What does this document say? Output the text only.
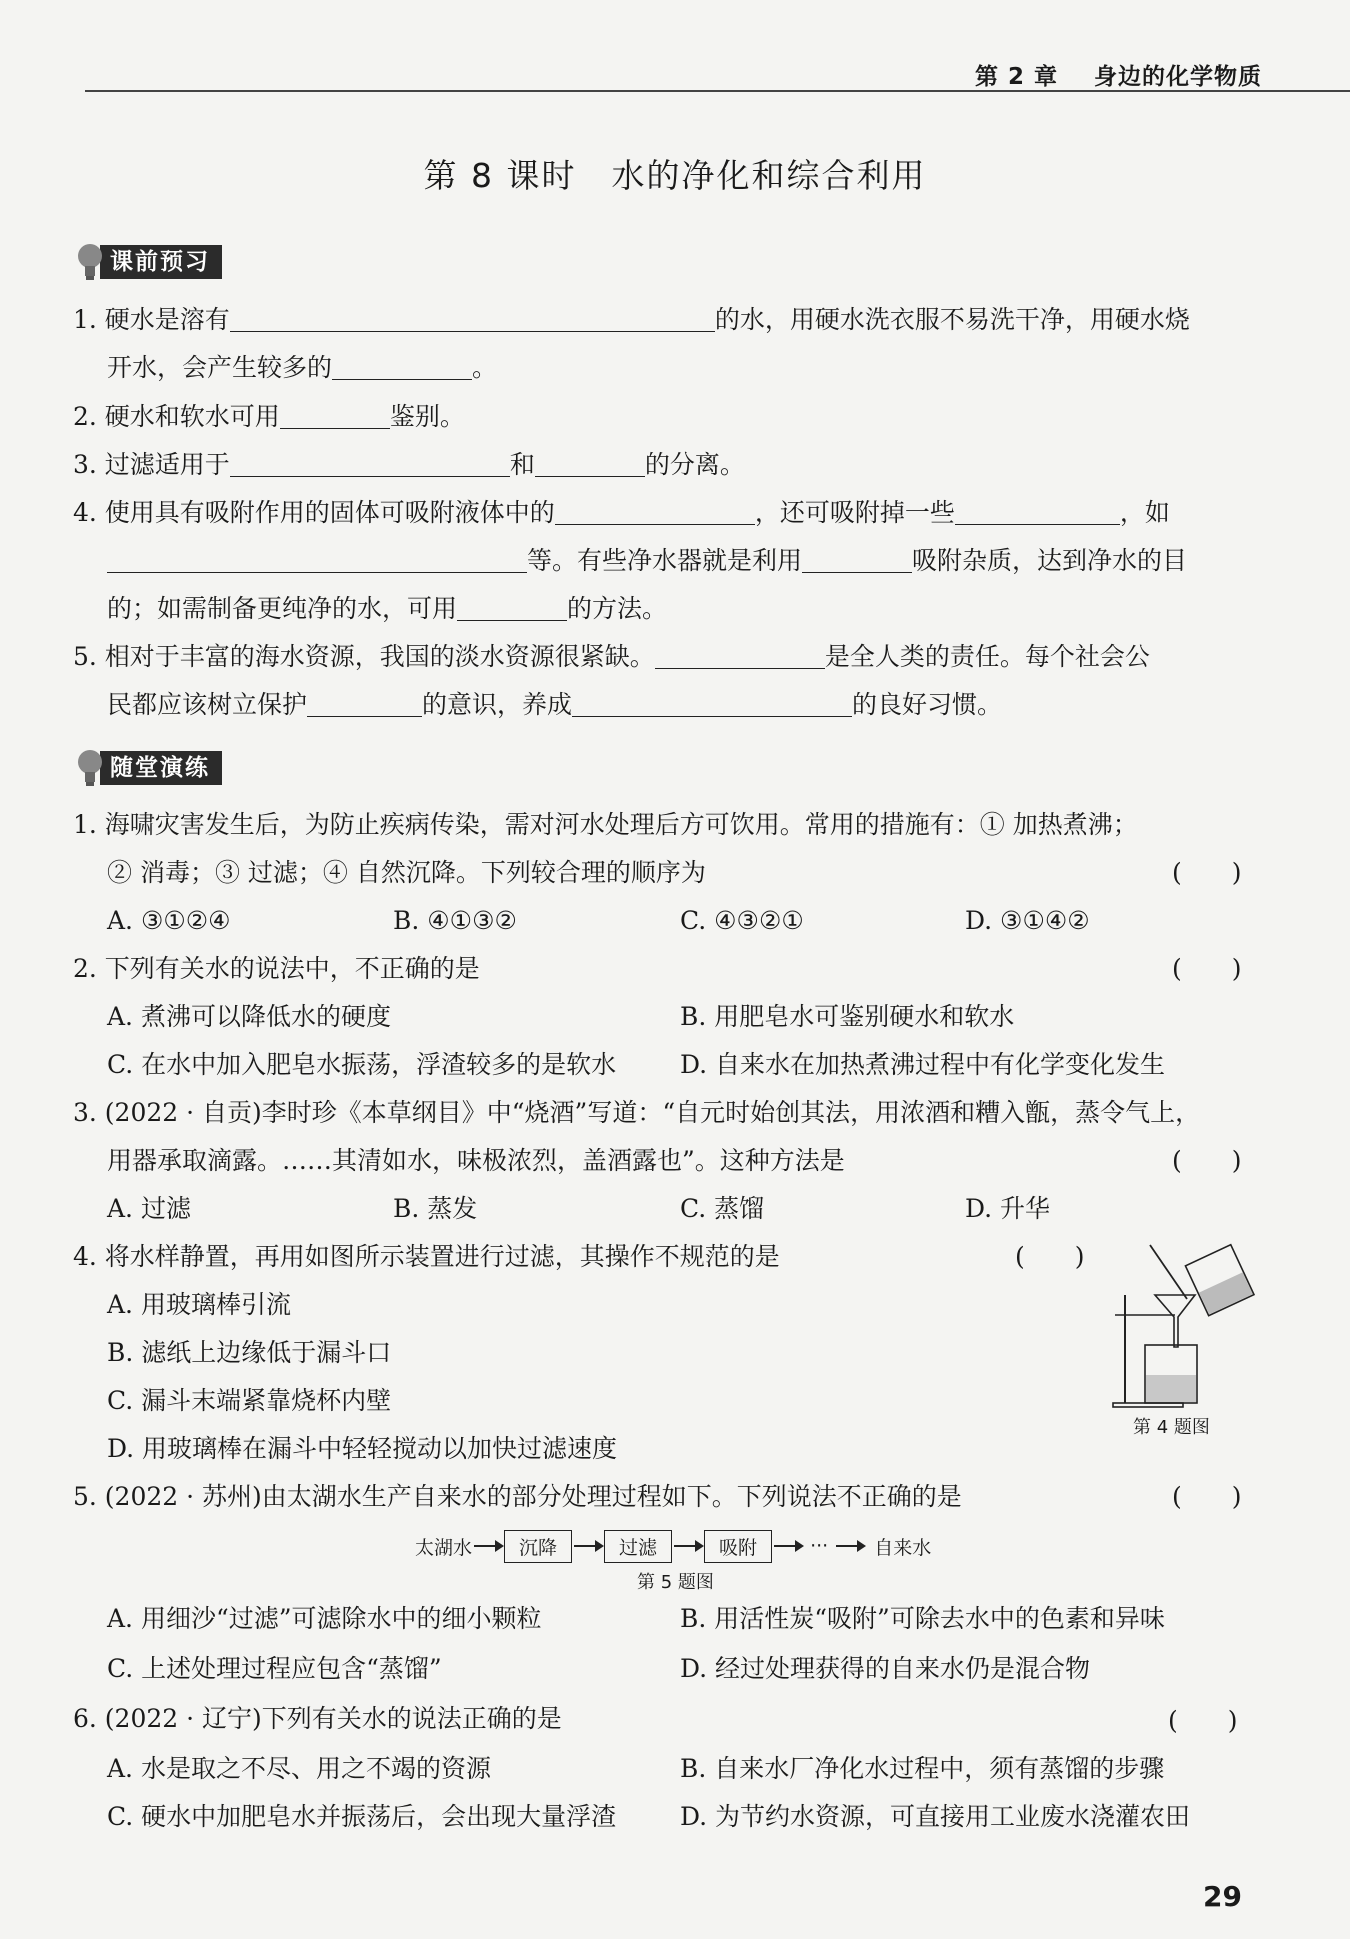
第 2 章 身边的化学物质
第 8 课时　水的净化和综合利用
课前预习
1. 硬水是溶有	的水，用硬水洗衣服不易洗干净，用硬水烧
开水，会产生较多的	。
2. 硬水和软水可用	鉴别。
3. 过滤适用于	和	的分离。
4. 使用具有吸附作用的固体可吸附液体中的	，还可吸附掉一些	，如
等。有些净水器就是利用	吸附杂质，达到净水的目
的；如需制备更纯净的水，可用	的方法。
5. 相对于丰富的海水资源，我国的淡水资源很紧缺。	是全人类的责任。每个社会公
民都应该树立保护	的意识，养成	的良好习惯。
随堂演练
1. 海啸灾害发生后，为防止疾病传染，需对河水处理后方可饮用。常用的措施有：① 加热煮沸；
② 消毒；③ 过滤；④ 自然沉降。下列较合理的顺序为	(　　)
A. ③①②④	B. ④①③②	C. ④③②①	D. ③①④②
2. 下列有关水的说法中，不正确的是	(　　)
A. 煮沸可以降低水的硬度	B. 用肥皂水可鉴别硬水和软水
C. 在水中加入肥皂水振荡，浮渣较多的是软水	D. 自来水在加热煮沸过程中有化学变化发生
3. (2022 · 自贡)李时珍《本草纲目》中“烧酒”写道：“自元时始创其法，用浓酒和糟入甑，蒸令气上，
用器承取滴露。……其清如水，味极浓烈，盖酒露也”。这种方法是	(　　)
A. 过滤	B. 蒸发	C. 蒸馏	D. 升华
4. 将水样静置，再用如图所示装置进行过滤，其操作不规范的是	(　　)
A. 用玻璃棒引流
B. 滤纸上边缘低于漏斗口
C. 漏斗末端紧靠烧杯内壁
D. 用玻璃棒在漏斗中轻轻搅动以加快过滤速度
第 4 题图
5. (2022 · 苏州)由太湖水生产自来水的部分处理过程如下。下列说法不正确的是	(　　)
太湖水	沉降	过滤	吸附	··· 自来水
第 5 题图
A. 用细沙“过滤”可滤除水中的细小颗粒	B. 用活性炭“吸附”可除去水中的色素和异味
C. 上述处理过程应包含“蒸馏”	D. 经过处理获得的自来水仍是混合物
6. (2022 · 辽宁)下列有关水的说法正确的是	(　　)
A. 水是取之不尽、用之不竭的资源	B. 自来水厂净化水过程中，须有蒸馏的步骤
C. 硬水中加肥皂水并振荡后，会出现大量浮渣	D. 为节约水资源，可直接用工业废水浇灌农田
29
